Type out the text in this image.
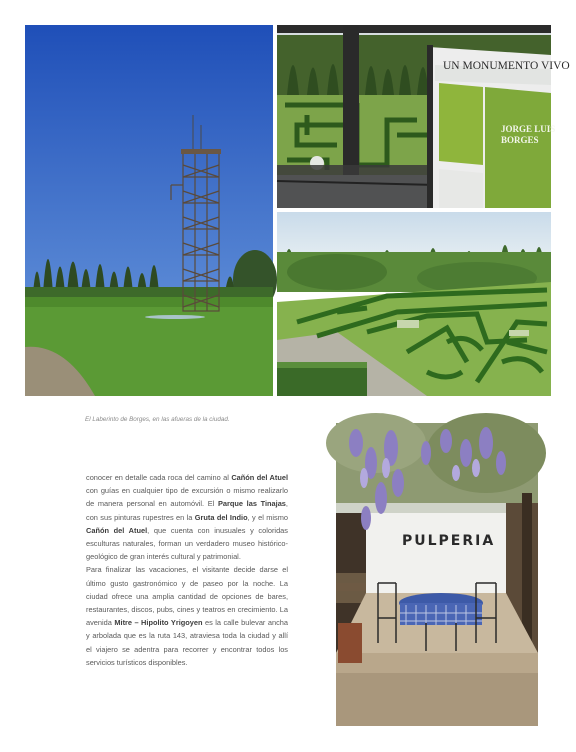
UN MONUMENTO VIVO
JORGE LUIS
BORGES
El Laberinto de Borges, en las afueras de la ciudad.

conocer en detalle cada roca del camino al Cañón del Atuel con guías en cualquier tipo de excursión o mismo realizarlo de manera personal en automóvil. El Parque las Tinajas, con sus pinturas rupestres en la Gruta del Indio, y el mismo Cañón del Atuel, que cuenta con inusuales y coloridas esculturas naturales, forman un verdadero museo histórico-geológico de gran interés cultural y patrimonial.

Para finalizar las vacaciones, el visitante decide darse el último gusto gastronómico y de paseo por la noche. La ciudad ofrece una amplia cantidad de opciones de bares, restaurantes, discos, pubs, cines y teatros en crecimiento. La avenida Mitre – Hipolito Yrigoyen es la calle bulevar ancha y arbolada que es la ruta 143, atraviesa toda la ciudad y allí el viajero se adentra para recorrer y encontrar todos los servicios turísticos disponibles.

PULPERIA
